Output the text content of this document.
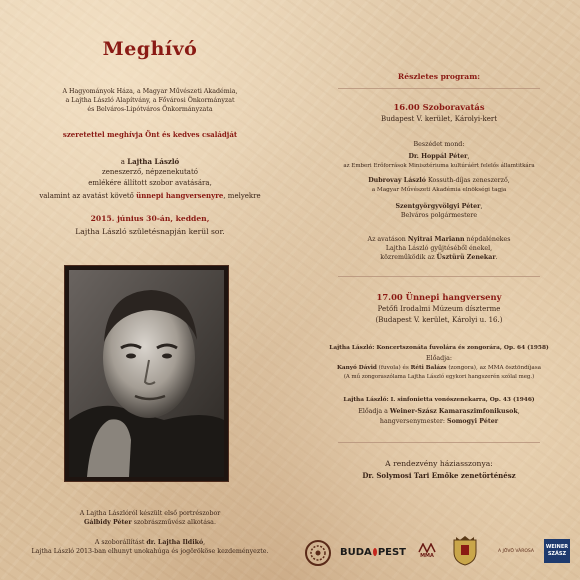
Meghívó
A Hagyományok Háza, a Magyar Művészeti Akadémia,
a Lajtha László Alapítvány, a Fővárosi Önkormányzat
és Belváros-Lipótváros Önkormányzata
szeretettel meghívja Önt és kedves családját
a Lajtha László
zeneszerző, népzenekutató
emlékére állított szobor avatására,
valamint az avatást követő ünnepi hangversenyre, melyekre
2015. június 30-án, kedden,
Lajtha László születésnapján kerül sor.
A Lajtha Lászlóról készült első portrészobor
Gálbidy Péter szobrászművész alkotása.
A szoborállítást dr. Lajtha Ildikó,
Lajtha László 2013-ban elhunyt unokahúga és jogörököse kezdeményezte.
Részletes program:
16.00 Szoboravatás
Budapest V. kerület, Károlyi-kert
Beszédet mond:
Dr. Hoppál Péter,
az Emberi Erőforrások Minisztériuma kultúráért felelős államtitkára
Dubrovay László Kossuth-díjas zeneszerző,
a Magyar Művészeti Akadémia elnökségi tagja
Szentgyörgyvölgyi Péter,
Belváros polgármestere
Az avatáson Nyitrai Mariann népdalénekes
Lajtha László gyűjtéséből énekel,
közreműködik az Üsztürü Zenekar.
17.00 Ünnepi hangverseny
Petőfi Irodalmi Múzeum díszterme
(Budapest V. kerület, Károlyi u. 16.)
Lajtha László: Koncertszonáta fuvolára és zongorára, Op. 64 (1958)
Előadja:
Kanyó Dávid (fuvola) és Réti Balázs (zongora), az MMA ösztöndíjasa
(A mű zongoraszólama Lajtha László egykori hangszerén szólal meg.)
Lajtha László: I. sinfonietta vonószenekarra, Op. 43 (1946)
Előadja a Weiner-Szász Kamaraszimfonikusok,
hangversenymester: Somogyi Péter
A rendezvény háziasszonya:
Dr. Solymosi Tari Emőke zenetörténész
BUDA PEST	MMA
A JÖVŐ VÁROSA
WEINER
SZÁSZ
